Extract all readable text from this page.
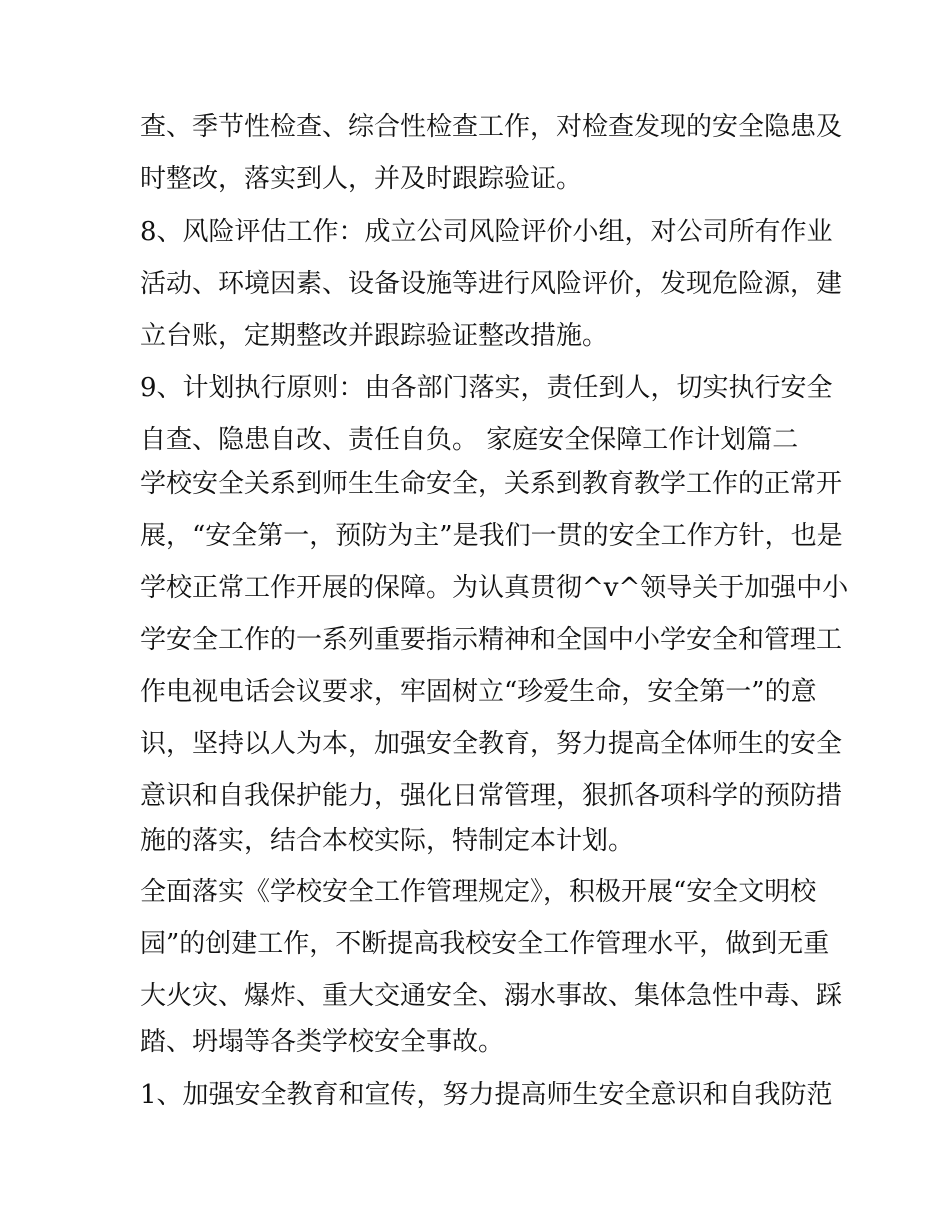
查、季节性检查、综合性检查工作，对检查发现的安全隐患及

时整改，落实到人，并及时跟踪验证。

8、风险评估工作：成立公司风险评价小组，对公司所有作业

活动、环境因素、设备设施等进行风险评价，发现危险源，建

立台账，定期整改并跟踪验证整改措施。

9、计划执行原则：由各部门落实，责任到人，切实执行安全

自查、隐患自改、责任自负。 家庭安全保障工作计划篇二

学校安全关系到师生生命安全，关系到教育教学工作的正常开

展，“安全第一，预防为主”是我们一贯的安全工作方针，也是

学校正常工作开展的保障。为认真贯彻^v^领导关于加强中小

学安全工作的一系列重要指示精神和全国中小学安全和管理工

作电视电话会议要求，牢固树立“珍爱生命，安全第一”的意

识，坚持以人为本，加强安全教育，努力提高全体师生的安全

意识和自我保护能力，强化日常管理，狠抓各项科学的预防措

施的落实，结合本校实际，特制定本计划。

全面落实《学校安全工作管理规定》，积极开展“安全文明校

园”的创建工作，不断提高我校安全工作管理水平，做到无重

大火灾、爆炸、重大交通安全、溺水事故、集体急性中毒、踩

踏、坍塌等各类学校安全事故。

1、加强安全教育和宣传，努力提高师生安全意识和自我防范
